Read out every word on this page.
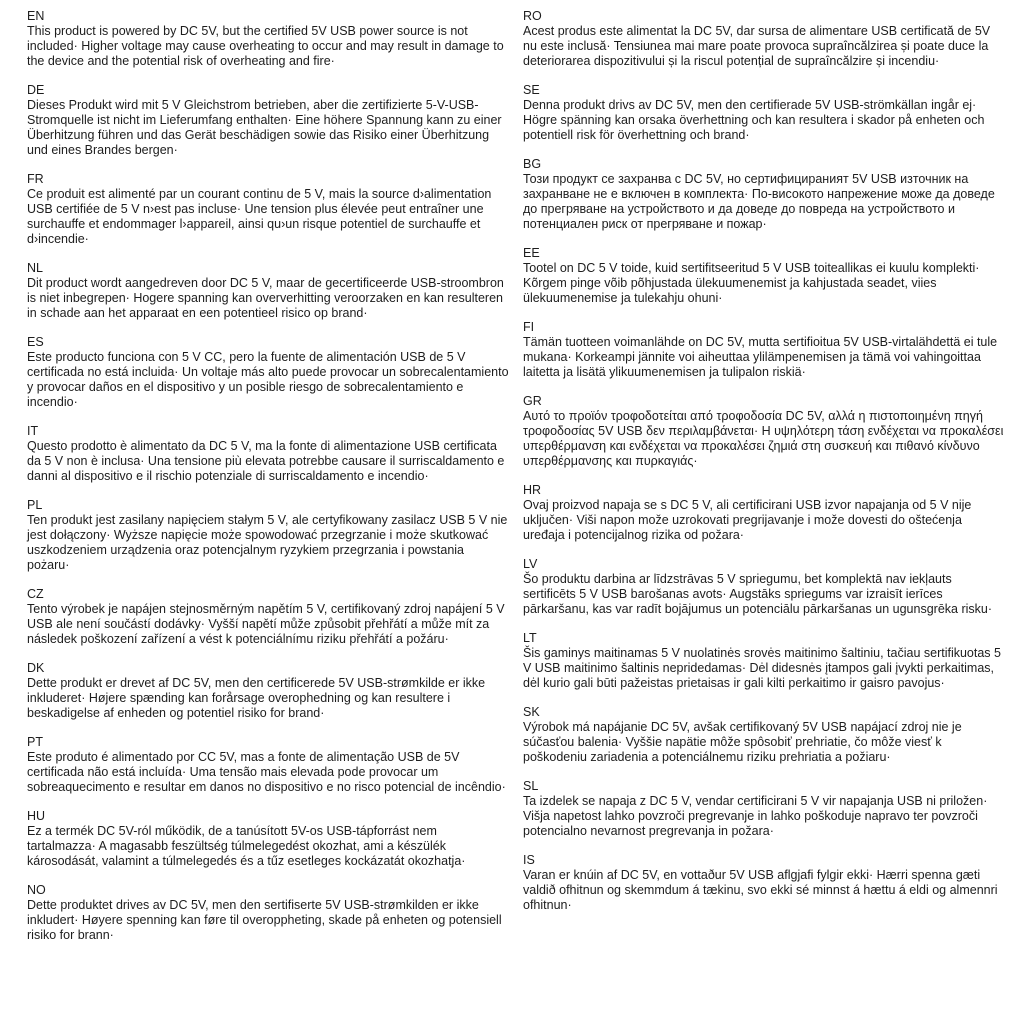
EN

This product is powered by DC 5V, but the certified 5V USB power source is not included· Higher voltage may cause overheating to occur and may result in damage to the device and the potential risk of overheating and fire·

DE

Dieses Produkt wird mit 5 V Gleichstrom betrieben, aber die zertifizierte 5-V-USB-Stromquelle ist nicht im Lieferumfang enthalten· Eine höhere Spannung kann zu einer Überhitzung führen und das Gerät beschädigen sowie das Risiko einer Überhitzung und eines Brandes bergen·

FR

Ce produit est alimenté par un courant continu de 5 V, mais la source d›alimentation USB certifiée de 5 V n›est pas incluse· Une tension plus élevée peut entraîner une surchauffe et endommager l›appareil, ainsi qu›un risque potentiel de surchauffe et d›incendie·

NL

Dit product wordt aangedreven door DC 5 V, maar de gecertificeerde USB-stroombron is niet inbegrepen· Hogere spanning kan oververhitting veroorzaken en kan resulteren in schade aan het apparaat en een potentieel risico op brand·

ES

Este producto funciona con 5 V CC, pero la fuente de alimentación USB de 5 V certificada no está incluida· Un voltaje más alto puede provocar un sobrecalentamiento y provocar daños en el dispositivo y un posible riesgo de sobrecalentamiento e incendio·

IT

Questo prodotto è alimentato da DC 5 V, ma la fonte di alimentazione USB certificata da 5 V non è inclusa· Una tensione più elevata potrebbe causare il surriscaldamento e danni al dispositivo e il rischio potenziale di surriscaldamento e incendio·

PL

Ten produkt jest zasilany napięciem stałym 5 V, ale certyfikowany zasilacz USB 5 V nie jest dołączony· Wyższe napięcie może spowodować przegrzanie i może skutkować uszkodzeniem urządzenia oraz potencjalnym ryzykiem przegrzania i powstania pożaru·

CZ

Tento výrobek je napájen stejnosměrným napětím 5 V, certifikovaný zdroj napájení 5 V USB ale není součástí dodávky· Vyšší napětí může způsobit přehřátí a může mít za následek poškození zařízení a vést k potenciálnímu riziku přehřátí a požáru·

DK

Dette produkt er drevet af DC 5V, men den certificerede 5V USB-strømkilde er ikke inkluderet· Højere spænding kan forårsage overophedning og kan resultere i beskadigelse af enheden og potentiel risiko for brand·

PT

Este produto é alimentado por CC 5V, mas a fonte de alimentação USB de 5V certificada não está incluída· Uma tensão mais elevada pode provocar um sobreaquecimento e resultar em danos no dispositivo e no risco potencial de incêndio·

HU

Ez a termék DC 5V-ról működik, de a tanúsított 5V-os USB-tápforrást nem tartalmazza· A magasabb feszültség túlmelegedést okozhat, ami a készülék károsodását, valamint a túlmelegedés és a tűz esetleges kockázatát okozhatja·

NO

Dette produktet drives av DC 5V, men den sertifiserte 5V USB-strømkilden er ikke inkludert· Høyere spenning kan føre til overoppheting, skade på enheten og potensiell risiko for brann·

RO

Acest produs este alimentat la DC 5V, dar sursa de alimentare USB certificată de 5V nu este inclusă· Tensiunea mai mare poate provoca supraîncălzirea și poate duce la deteriorarea dispozitivului și la riscul potențial de supraîncălzire și incendiu·

SE

Denna produkt drivs av DC 5V, men den certifierade 5V USB-strömkällan ingår ej· Högre spänning kan orsaka överhettning och kan resultera i skador på enheten och potentiell risk för överhettning och brand·

BG

Този продукт се захранва с DC 5V, но сертифицираният 5V USB източник на захранване не е включен в комплекта· По-високото напрежение може да доведе до прегряване на устройството и да доведе до повреда на устройството и потенциален риск от прегряване и пожар·

EE

Tootel on DC 5 V toide, kuid sertifitseeritud 5 V USB toiteallikas ei kuulu komplekti· Kõrgem pinge võib põhjustada ülekuumenemist ja kahjustada seadet, viies ülekuumenemise ja tulekahju ohuni·

FI

Tämän tuotteen voimanlähde on DC 5V, mutta sertifioitua 5V USB-virtalähdettä ei tule mukana· Korkeampi jännite voi aiheuttaa ylilämpenemisen ja tämä voi vahingoittaa laitetta ja lisätä ylikuumenemisen ja tulipalon riskiä·

GR

Αυτό το προϊόν τροφοδοτείται από τροφοδοσία DC 5V, αλλά η πιστοποιημένη πηγή τροφοδοσίας 5V USB δεν περιλαμβάνεται· Η υψηλότερη τάση ενδέχεται να προκαλέσει υπερθέρμανση και ενδέχεται να προκαλέσει ζημιά στη συσκευή και πιθανό κίνδυνο υπερθέρμανσης και πυρκαγιάς·

HR

Ovaj proizvod napaja se s DC 5 V, ali certificirani USB izvor napajanja od 5 V nije uključen· Viši napon može uzrokovati pregrijavanje i može dovesti do oštećenja uređaja i potencijalnog rizika od požara·

LV

Šo produktu darbina ar līdzstrāvas 5 V spriegumu, bet komplektā nav iekļauts sertificēts 5 V USB barošanas avots· Augstāks spriegums var izraisīt ierīces pārkaršanu, kas var radīt bojājumus un potenciālu pārkaršanas un ugunsgrēka risku·

LT

Šis gaminys maitinamas 5 V nuolatinės srovės maitinimo šaltiniu, tačiau sertifikuotas 5 V USB maitinimo šaltinis nepridedamas· Dėl didesnės įtampos gali įvykti perkaitimas, dėl kurio gali būti pažeistas prietaisas ir gali kilti perkaitimo ir gaisro pavojus·

SK

Výrobok má napájanie DC 5V, avšak certifikovaný 5V USB napájací zdroj nie je súčasťou balenia· Vyššie napätie môže spôsobiť prehriatie, čo môže viesť k poškodeniu zariadenia a potenciálnemu riziku prehriatia a požiaru·

SL

Ta izdelek se napaja z DC 5 V, vendar certificirani 5 V vir napajanja USB ni priložen· Višja napetost lahko povzroči pregrevanje in lahko poškoduje napravo ter povzroči potencialno nevarnost pregrevanja in požara·

IS

Varan er knúin af DC 5V, en vottaður 5V USB aflgjafi fylgir ekki· Hærri spenna gæti valdið ofhitnun og skemmdum á tækinu, svo ekki sé minnst á hættu á eldi og almennri ofhitnun·
